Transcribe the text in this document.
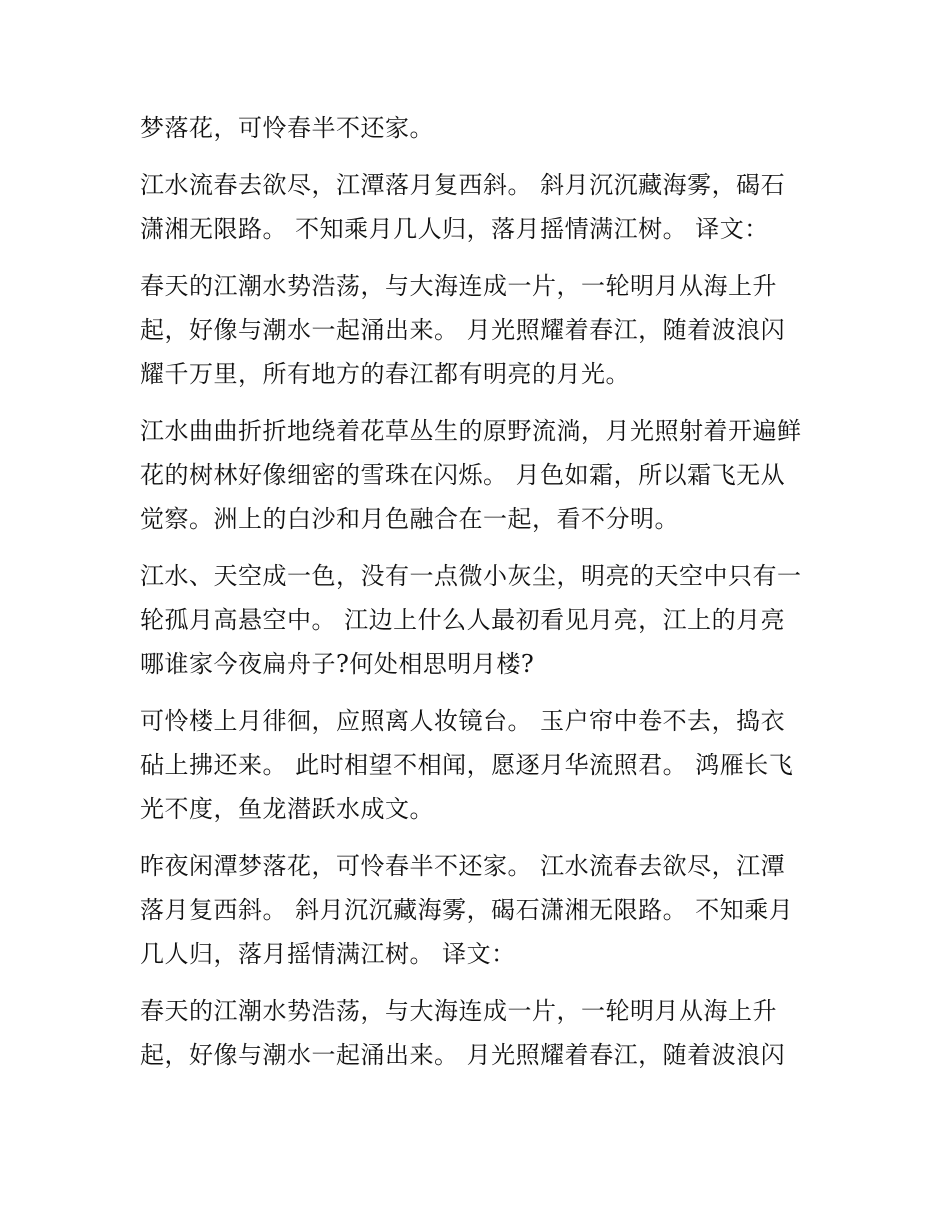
梦落花，可怜春半不还家。
江水流春去欲尽，江潭落月复西斜。 斜月沉沉藏海雾，碣石
潇湘无限路。 不知乘月几人归，落月摇情满江树。 译文：
春天的江潮水势浩荡，与大海连成一片，一轮明月从海上升
起，好像与潮水一起涌出来。 月光照耀着春江，随着波浪闪
耀千万里，所有地方的春江都有明亮的月光。
江水曲曲折折地绕着花草丛生的原野流淌，月光照射着开遍鲜
花的树林好像细密的雪珠在闪烁。 月色如霜，所以霜飞无从
觉察。洲上的白沙和月色融合在一起，看不分明。
江水、天空成一色，没有一点微小灰尘，明亮的天空中只有一
轮孤月高悬空中。 江边上什么人最初看见月亮，江上的月亮
哪谁家今夜扁舟子?何处相思明月楼?
可怜楼上月徘徊，应照离人妆镜台。 玉户帘中卷不去，捣衣
砧上拂还来。 此时相望不相闻，愿逐月华流照君。 鸿雁长飞
光不度，鱼龙潜跃水成文。
昨夜闲潭梦落花，可怜春半不还家。 江水流春去欲尽，江潭
落月复西斜。 斜月沉沉藏海雾，碣石潇湘无限路。 不知乘月
几人归，落月摇情满江树。 译文：
春天的江潮水势浩荡，与大海连成一片，一轮明月从海上升
起，好像与潮水一起涌出来。 月光照耀着春江，随着波浪闪
